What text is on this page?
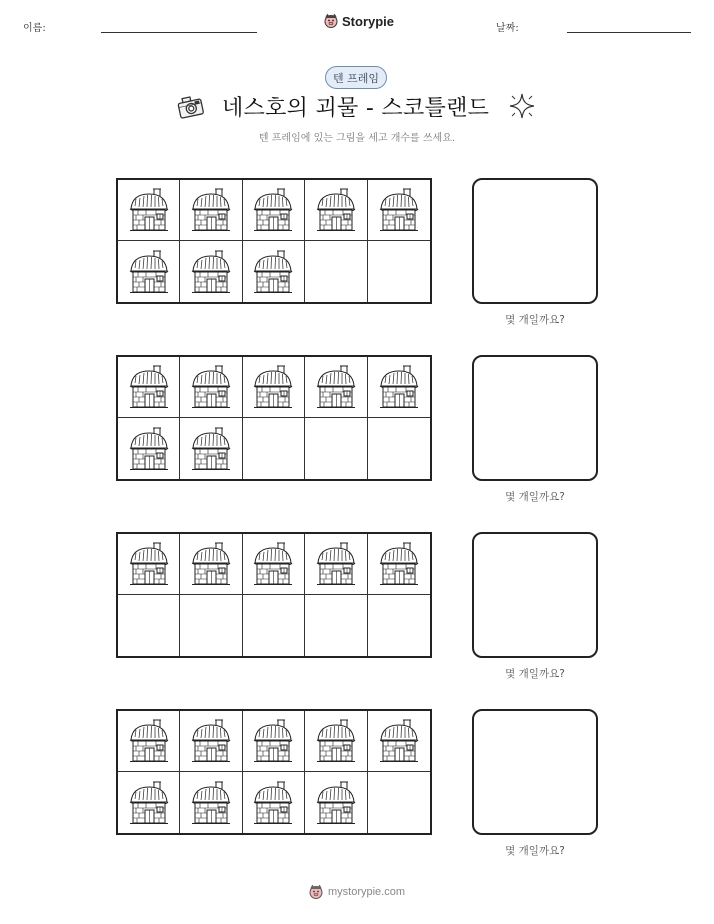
이름:	Storypie	날짜:
텐 프레임
네스호의 괴물 - 스코틀랜드
텐 프레임에 있는 그림을 세고 개수를 쓰세요.
몇 개일까요?
몇 개일까요?
몇 개일까요?
몇 개일까요?
mystorypie.com
